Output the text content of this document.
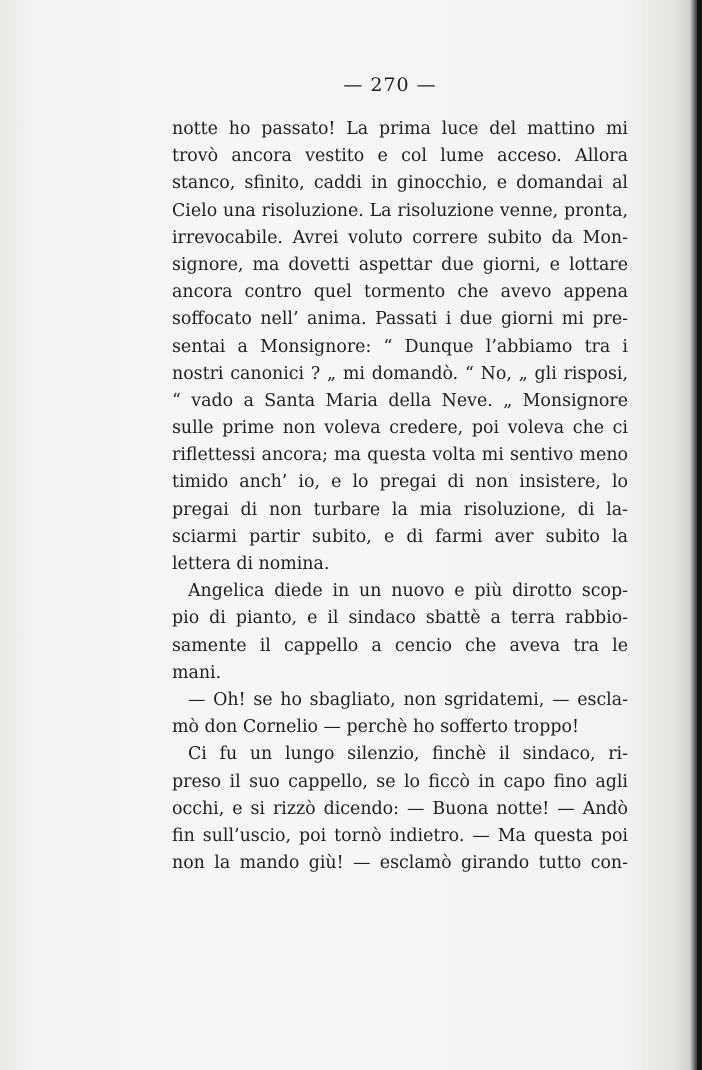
— 270 —
notte ho passato! La prima luce del mattino mi
trovò ancora vestito e col lume acceso. Allora
stanco, sfinito, caddi in ginocchio, e domandai al
Cielo una risoluzione. La risoluzione venne, pronta,
irrevocabile. Avrei voluto correre subito da Mon-
signore, ma dovetti aspettar due giorni, e lottare
ancora contro quel tormento che avevo appena
soffocato nell’ anima. Passati i due giorni mi pre-
sentai a Monsignore: “ Dunque l’abbiamo tra i
nostri canonici ? „ mi domandò. “ No, „ gli risposi,
“ vado a Santa Maria della Neve. „ Monsignore
sulle prime non voleva credere, poi voleva che ci
riflettessi ancora; ma questa volta mi sentivo meno
timido anch’ io, e lo pregai di non insistere, lo
pregai di non turbare la mia risoluzione, di la-
sciarmi partir subito, e di farmi aver subito la
lettera di nomina.
Angelica diede in un nuovo e più dirotto scop-
pio di pianto, e il sindaco sbattè a terra rabbio-
samente il cappello a cencio che aveva tra le
mani.
— Oh! se ho sbagliato, non sgridatemi, — escla-
mò don Cornelio — perchè ho sofferto troppo!
Ci fu un lungo silenzio, finchè il sindaco, ri-
preso il suo cappello, se lo ficcò in capo fino agli
occhi, e si rizzò dicendo: — Buona notte! — Andò
fin sull’uscio, poi tornò indietro. — Ma questa poi
non la mando giù! — esclamò girando tutto con-
